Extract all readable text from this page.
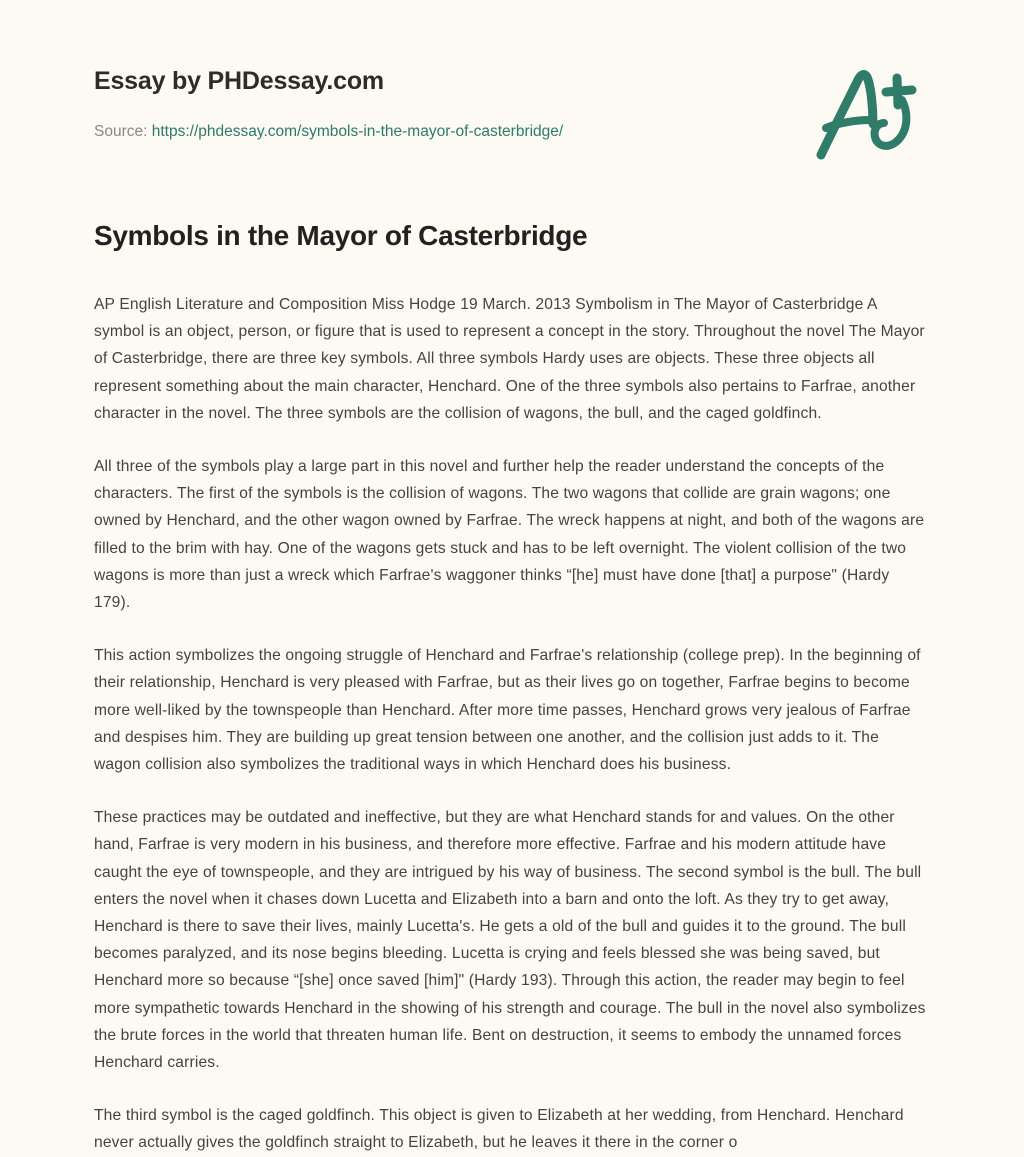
Essay by PHDessay.com
Source: https://phdessay.com/symbols-in-the-mayor-of-casterbridge/
Symbols in the Mayor of Casterbridge

AP English Literature and Composition Miss Hodge 19 March. 2013 Symbolism in The Mayor of Casterbridge A symbol is an object, person, or figure that is used to represent a concept in the story. Throughout the novel The Mayor of Casterbridge, there are three key symbols. All three symbols Hardy uses are objects. These three objects all represent something about the main character, Henchard. One of the three symbols also pertains to Farfrae, another character in the novel. The three symbols are the collision of wagons, the bull, and the caged goldfinch.

All three of the symbols play a large part in this novel and further help the reader understand the concepts of the characters. The first of the symbols is the collision of wagons. The two wagons that collide are grain wagons; one owned by Henchard, and the other wagon owned by Farfrae. The wreck happens at night, and both of the wagons are filled to the brim with hay. One of the wagons gets stuck and has to be left overnight. The violent collision of the two wagons is more than just a wreck which Farfrae's waggoner thinks “[he] must have done [that] a purpose" (Hardy 179).

This action symbolizes the ongoing struggle of Henchard and Farfrae's relationship (college prep). In the beginning of their relationship, Henchard is very pleased with Farfrae, but as their lives go on together, Farfrae begins to become more well-liked by the townspeople than Henchard. After more time passes, Henchard grows very jealous of Farfrae and despises him. They are building up great tension between one another, and the collision just adds to it. The wagon collision also symbolizes the traditional ways in which Henchard does his business.

These practices may be outdated and ineffective, but they are what Henchard stands for and values. On the other hand, Farfrae is very modern in his business, and therefore more effective. Farfrae and his modern attitude have caught the eye of townspeople, and they are intrigued by his way of business. The second symbol is the bull. The bull enters the novel when it chases down Lucetta and Elizabeth into a barn and onto the loft. As they try to get away, Henchard is there to save their lives, mainly Lucetta's. He gets a old of the bull and guides it to the ground. The bull becomes paralyzed, and its nose begins bleeding. Lucetta is crying and feels blessed she was being saved, but Henchard more so because “[she] once saved [him]" (Hardy 193). Through this action, the reader may begin to feel more sympathetic towards Henchard in the showing of his strength and courage. The bull in the novel also symbolizes the brute forces in the world that threaten human life. Bent on destruction, it seems to embody the unnamed forces Henchard carries.

The third symbol is the caged goldfinch. This object is given to Elizabeth at her wedding, from Henchard. Henchard never actually gives the goldfinch straight to Elizabeth, but he leaves it there in the corner o
